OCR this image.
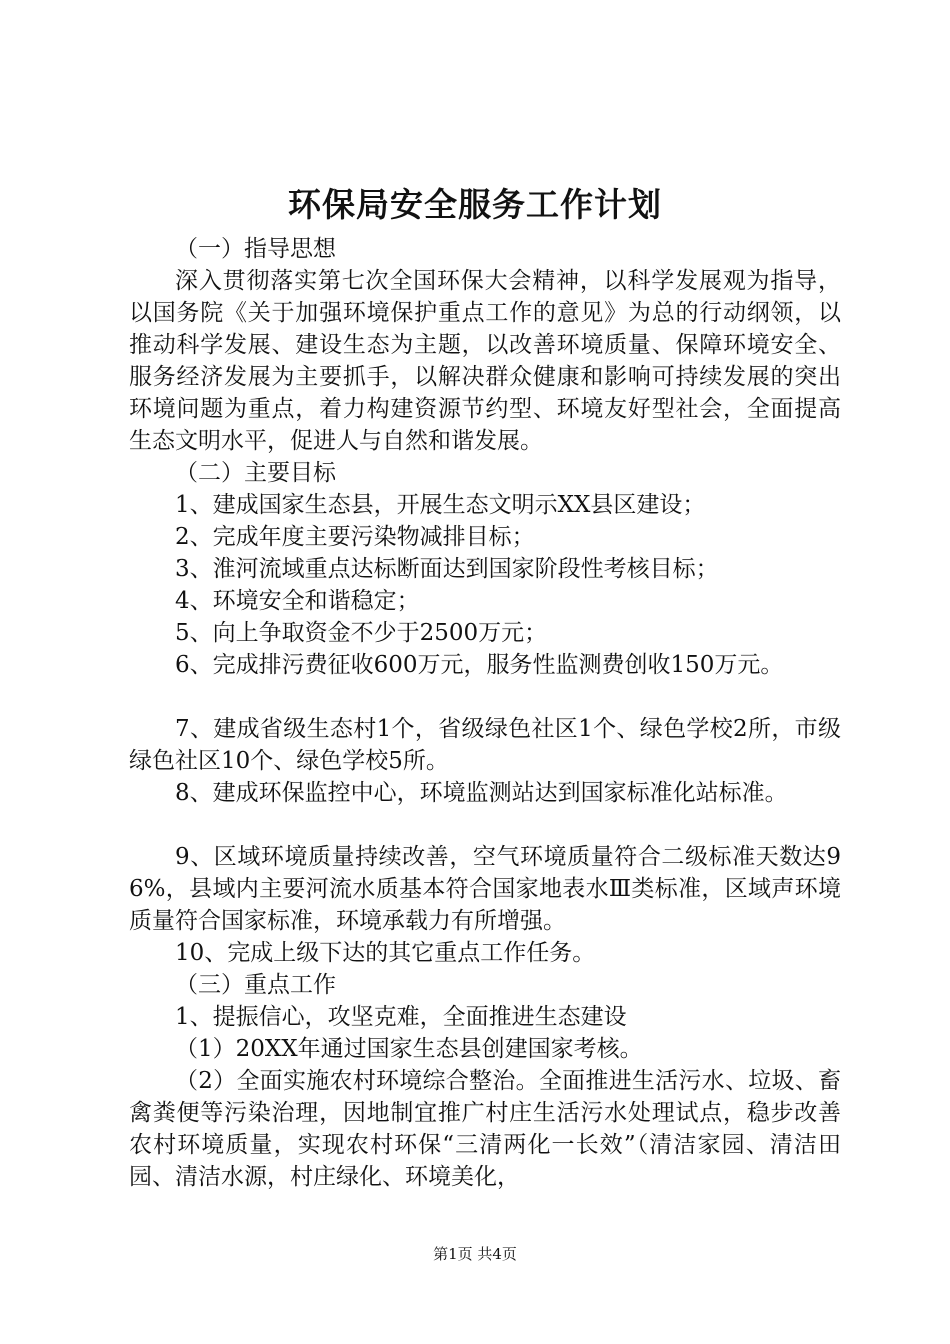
环保局安全服务工作计划

（一）指导思想

深入贯彻落实第七次全国环保大会精神，以科学发展观为指导，以国务院《关于加强环境保护重点工作的意见》为总的行动纲领，以推动科学发展、建设生态为主题，以改善环境质量、保障环境安全、服务经济发展为主要抓手，以解决群众健康和影响可持续发展的突出环境问题为重点，着力构建资源节约型、环境友好型社会，全面提高生态文明水平，促进人与自然和谐发展。

（二）主要目标

1、建成国家生态县，开展生态文明示XX县区建设；

2、完成年度主要污染物减排目标；

3、淮河流域重点达标断面达到国家阶段性考核目标；

4、环境安全和谐稳定；

5、向上争取资金不少于2500万元；

6、完成排污费征收600万元，服务性监测费创收150万元。

7、建成省级生态村1个，省级绿色社区1个、绿色学校2所，市级绿色社区10个、绿色学校5所。

8、建成环保监控中心，环境监测站达到国家标准化站标准。

9、区域环境质量持续改善，空气环境质量符合二级标准天数达96%，县域内主要河流水质基本符合国家地表水Ⅲ类标准，区域声环境质量符合国家标准，环境承载力有所增强。

10、完成上级下达的其它重点工作任务。

（三）重点工作

1、提振信心，攻坚克难，全面推进生态建设

（1）20XX年通过国家生态县创建国家考核。

（2）全面实施农村环境综合整治。全面推进生活污水、垃圾、畜禽粪便等污染治理，因地制宜推广村庄生活污水处理试点，稳步改善农村环境质量，实现农村环保“三清两化一长效”（清洁家园、清洁田园、清洁水源，村庄绿化、环境美化，

第1页 共4页
